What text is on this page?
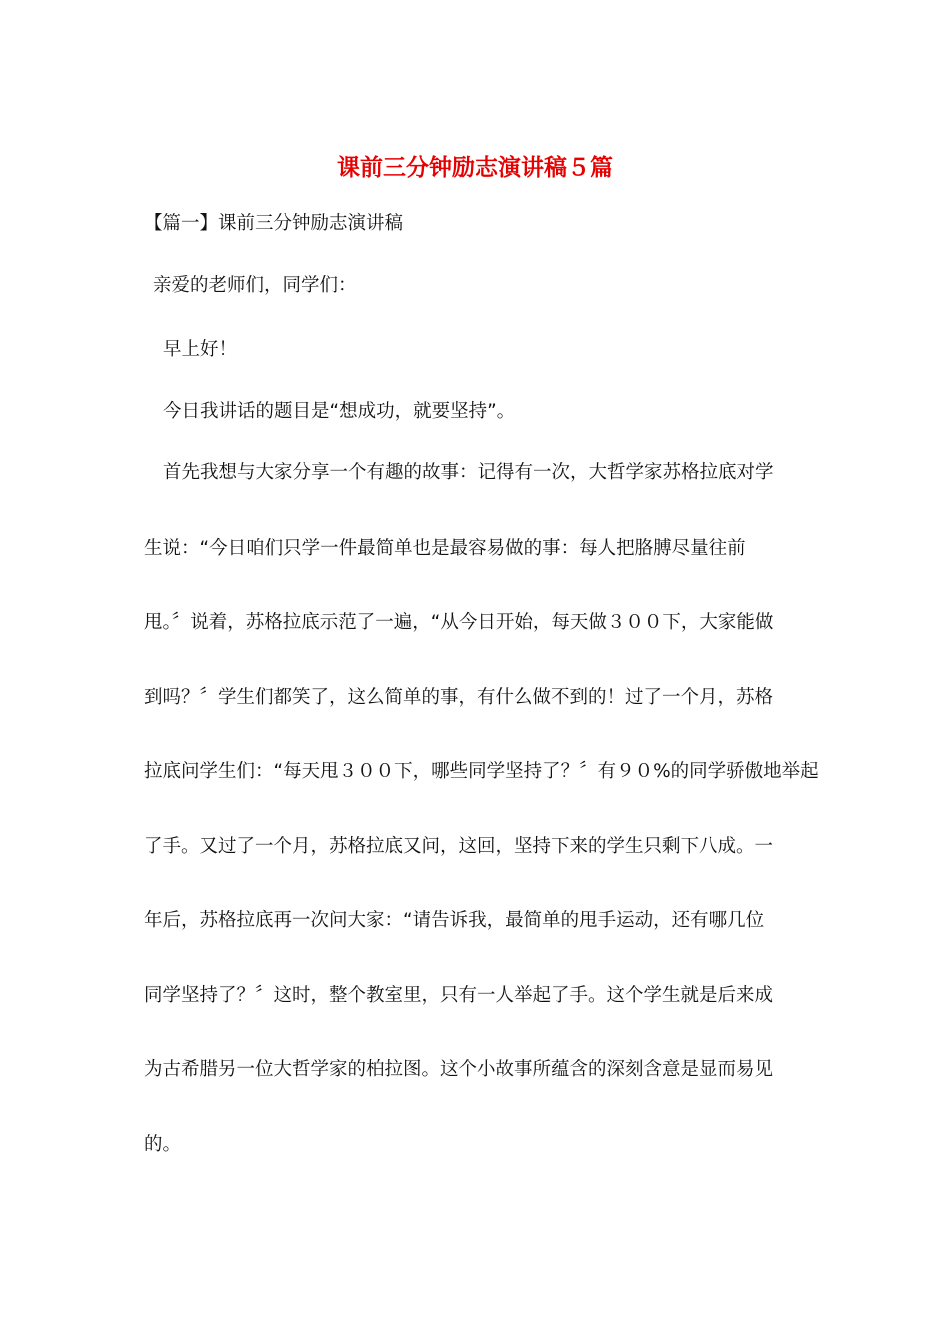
课前三分钟励志演讲稿５篇
【篇一】课前三分钟励志演讲稿
亲爱的老师们，同学们：
早上好！
今日我讲话的题目是“想成功，就要坚持”。
首先我想与大家分享一个有趣的故事：记得有一次，大哲学家苏格拉底对学
生说：“今日咱们只学一件最简单也是最容易做的事：每人把胳膊尽量往前
甩。〞说着，苏格拉底示范了一遍，“从今日开始，每天做３００下，大家能做
到吗？〞学生们都笑了，这么简单的事，有什么做不到的！过了一个月，苏格
拉底问学生们：“每天甩３００下，哪些同学坚持了？〞有９０%的同学骄傲地举起
了手。又过了一个月，苏格拉底又问，这回，坚持下来的学生只剩下八成。一
年后，苏格拉底再一次问大家：“请告诉我，最简单的甩手运动，还有哪几位
同学坚持了？〞这时，整个教室里，只有一人举起了手。这个学生就是后来成
为古希腊另一位大哲学家的柏拉图。这个小故事所蕴含的深刻含意是显而易见
的。
